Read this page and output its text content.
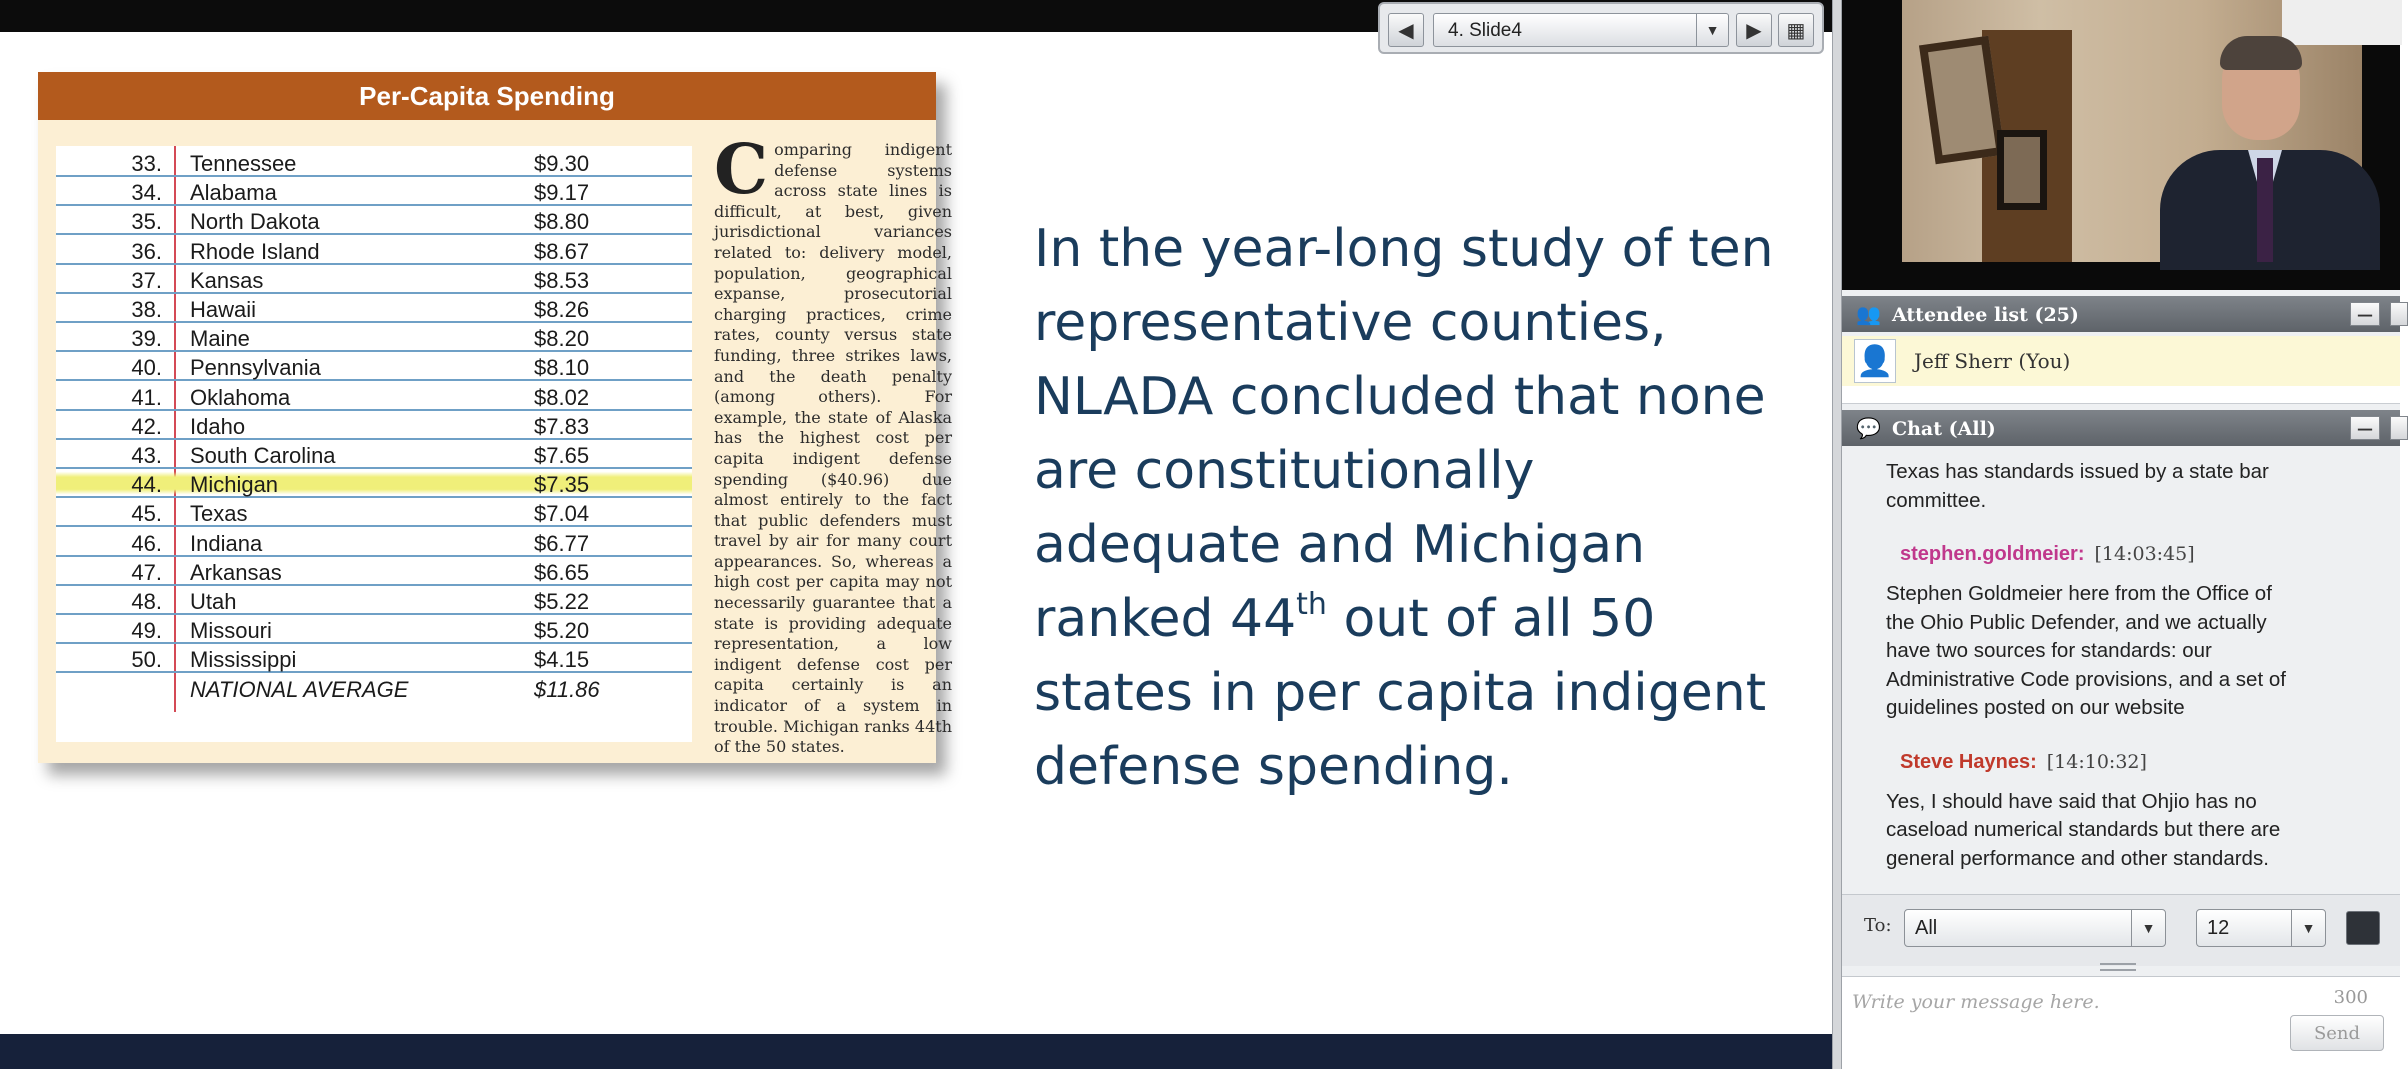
◀ 4. Slide4	▼	▶ ▦
Per-Capita Spending
33. Tennessee	$9.30
34. Alabama	$9.17
35. North Dakota	$8.80
36. Rhode Island	$8.67
37. Kansas	$8.53
38. Hawaii	$8.26
39. Maine	$8.20
40. Pennsylvania	$8.10
41. Oklahoma	$8.02
42. Idaho	$7.83
43. South Carolina	$7.65
44. Michigan	$7.35
45. Texas	$7.04
46. Indiana	$6.77
47. Arkansas	$6.65
48. Utah	$5.22
49. Missouri	$5.20
50. Mississippi	$4.15
NATIONAL AVERAGE	$11.86
Comparing indigent defense systems across state lines is difficult, at best, given jurisdictional variances related to: delivery model, population, geographical expanse, prosecutorial charging practices, crime rates, county versus state funding, three strikes laws, and the death penalty (among others). For example, the state of Alaska has the highest cost per capita indigent defense spending ($40.96) due almost entirely to the fact that public defenders must travel by air for many court appearances. So, whereas a high cost per capita may not necessarily guarantee that a state is providing adequate representation, a low indigent defense cost per capita certainly is an indicator of a system in trouble. Michigan ranks 44th of the 50 states.
In the year-long study of ten representative counties, NLADA concluded that none are constitutionally adequate and Michigan ranked 44th out of all 50 states in per capita indigent defense spending.
👥 Attendee list (25)	—
👤 Jeff Sherr (You)
💬 Chat (All)	—
Texas has standards issued by a state bar
committee.
stephen.goldmeier: [14:03:45]
Stephen Goldmeier here from the Office of
the Ohio Public Defender, and we actually
have two sources for standards: our
Administrative Code provisions, and a set of
guidelines posted on our website
Steve Haynes: [14:10:32]
Yes, I should have said that Ohjio has no
caseload numerical standards but there are
general performance and other standards.
To: All	▼	12	▼
Write your message here.	300
Send
